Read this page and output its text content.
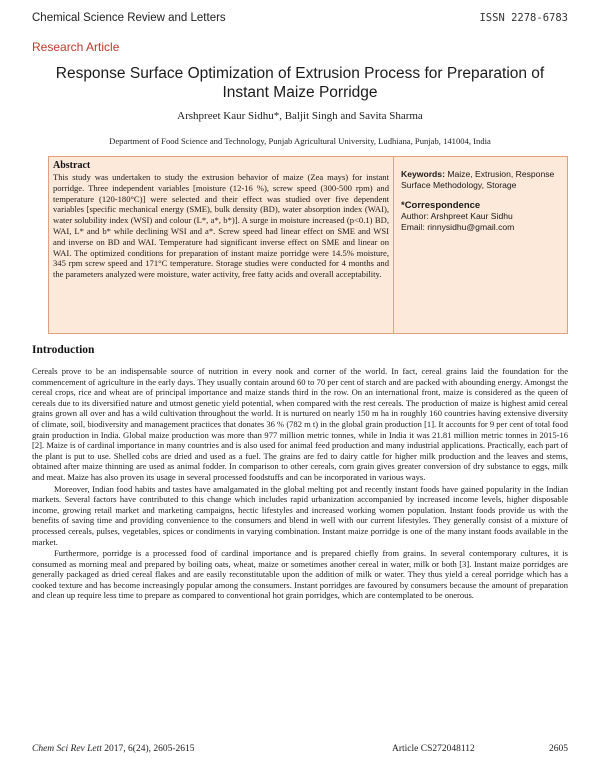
Chemical Science Review and Letters	ISSN 2278-6783
Research Article
Response Surface Optimization of Extrusion Process for Preparation of Instant Maize Porridge
Arshpreet Kaur Sidhu*, Baljit Singh and Savita Sharma
Department of Food Science and Technology, Punjab Agricultural University, Ludhiana, Punjab, 141004, India
Abstract

This study was undertaken to study the extrusion behavior of maize (Zea mays) for instant porridge. Three independent variables [moisture (12-16 %), screw speed (300-500 rpm) and temperature (120-180°C)] were selected and their effect was studied over five dependent variables [specific mechanical energy (SME), bulk density (BD), water absorption index (WAI), water solubility index (WSI) and colour (L*, a*, b*)]. A surge in moisture increased (p<0.1) BD, WAI, L* and b* while declining WSI and a*. Screw speed had linear effect on SME and WSI and inverse on BD and WAI. Temperature had significant inverse effect on SME and linear on WAI. The optimized conditions for preparation of instant maize porridge were 14.5% moisture, 345 rpm screw speed and 171°C temperature. Storage studies were conducted for 4 months and the parameters analyzed were moisture, water activity, free fatty acids and overall acceptability.

Keywords: Maize, Extrusion, Response Surface Methodology, Storage
*Correspondence
Author: Arshpreet Kaur Sidhu
Email: rinnysidhu@gmail.com
Introduction

Cereals prove to be an indispensable source of nutrition in every nook and corner of the world. In fact, cereal grains laid the foundation for the commencement of agriculture in the early days. They usually contain around 60 to 70 per cent of starch and are packed with abounding energy. Amongst the cereal crops, rice and wheat are of principal importance and maize stands third in the row. On an international front, maize is considered as the queen of cereals due to its diversified nature and utmost genetic yield potential, when compared with the rest cereals. The production of maize is highest amid cereal grains grown all over and has a wild cultivation throughout the world. It is nurtured on nearly 150 m ha in roughly 160 countries having extensive diversity of climate, soil, biodiversity and management practices that donates 36 % (782 m t) in the global grain production [1]. It accounts for 9 per cent of total food grain production in India. Global maize production was more than 977 million metric tonnes, while in India it was 21.81 million metric tonnes in 2015-16 [2]. Maize is of cardinal importance in many countries and is also used for animal feed production and many industrial applications. Practically, each part of the plant is put to use. Shelled cobs are dried and used as a fuel. The grains are fed to dairy cattle for higher milk production and the leaves and stems, obtained after maize thinning are used as animal fodder. In comparison to other cereals, corn grain gives greater conversion of dry substance to eggs, milk and meat. Maize has also proven its usage in several processed foodstuffs and can be incorporated in various ways.

Moreover, Indian food habits and tastes have amalgamated in the global melting pot and recently instant foods have gained popularity in the Indian markets. Several factors have contributed to this change which includes rapid urbanization accompanied by increased income levels, higher disposable income, growing retail market and marketing campaigns, hectic lifestyles and increased working women population. Instant foods provide us with the benefits of saving time and providing convenience to the consumers and blend in well with our current lifestyles. They generally consist of a mixture of processed cereals, pulses, vegetables, spices or condiments in varying combination. Instant maize porridge is one of the many instant foods available in the market.

Furthermore, porridge is a processed food of cardinal importance and is prepared chiefly from grains. In several contemporary cultures, it is consumed as morning meal and prepared by boiling oats, wheat, maize or sometimes another cereal in water, milk or both [3]. Instant maize porridges are generally packaged as dried cereal flakes and are easily reconstitutable upon the addition of milk or water. They thus yield a cereal porridge which has a cooked texture and has become increasingly popular among the consumers. Instant porridges are favoured by consumers because the amount of preparation and clean up require less time to prepare as compared to conventional hot grain porridges, which are contemplated to be onerous.

Chem Sci Rev Lett 2017, 6(24), 2605-2615	Article CS272048112	2605
